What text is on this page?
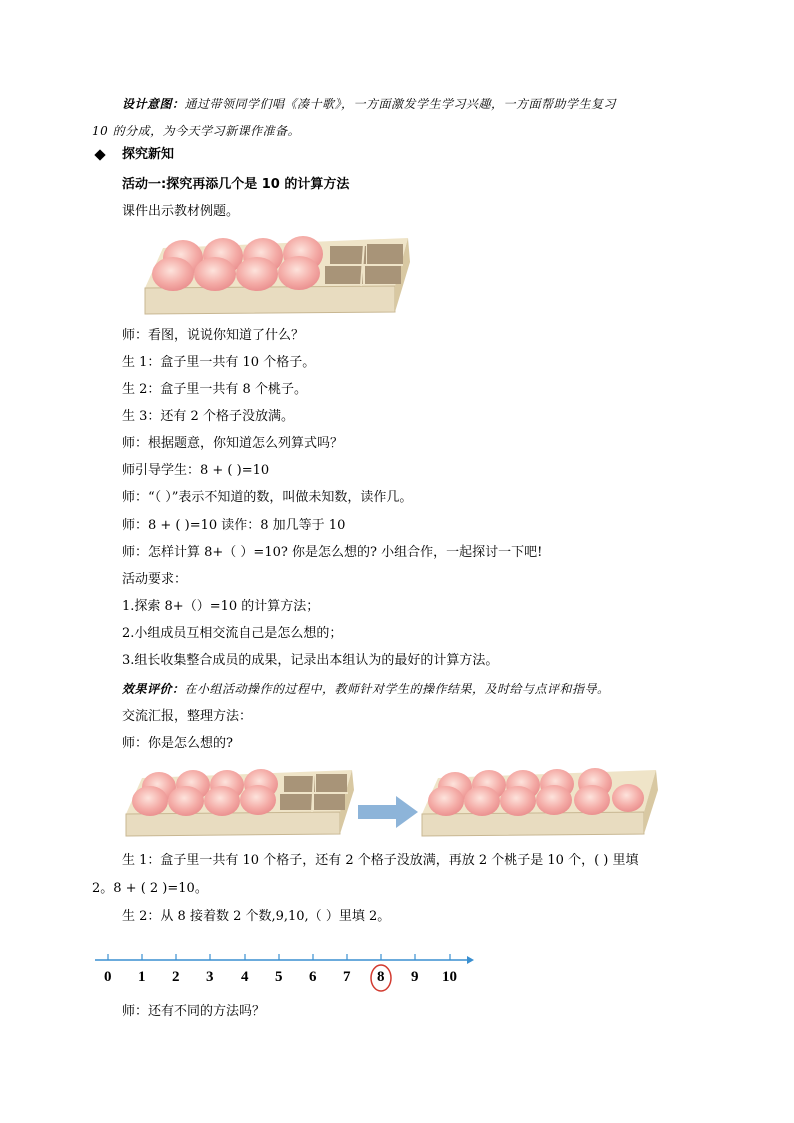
设计意图：通过带领同学们唱《凑十歌》，一方面激发学生学习兴趣，一方面帮助学生复习
10 的分成，为今天学习新课作准备。
探究新知
活动一:探究再添几个是 10 的计算方法
课件出示教材例题。
师：看图，说说你知道了什么？
生 1：盒子里一共有 10 个格子。
生 2：盒子里一共有 8 个桃子。
生 3：还有 2 个格子没放满。
师：根据题意，你知道怎么列算式吗？
师引导学生：8 + ( )=10
师：“（ ）”表示不知道的数，叫做未知数，读作几。
师：8 + ( )=10 读作：8 加几等于 10
师：怎样计算 8+（ ）=10? 你是怎么想的? 小组合作，一起探讨一下吧!
活动要求：
1.探索 8+（）=10 的计算方法；
2.小组成员互相交流自己是怎么想的；
3.组长收集整合成员的成果，记录出本组认为的最好的计算方法。
效果评价：在小组活动操作的过程中，教师针对学生的操作结果，及时给与点评和指导。
交流汇报，整理方法：
师：你是怎么想的?
生 1：盒子里一共有 10 个格子，还有 2 个格子没放满，再放 2 个桃子是 10 个，( ) 里填
2。8 + ( 2 )=10。
生 2：从 8 接着数 2 个数,9,10,（ ）里填 2。
0 1 2 3 4 5 6 7 8 9 10
师：还有不同的方法吗？
